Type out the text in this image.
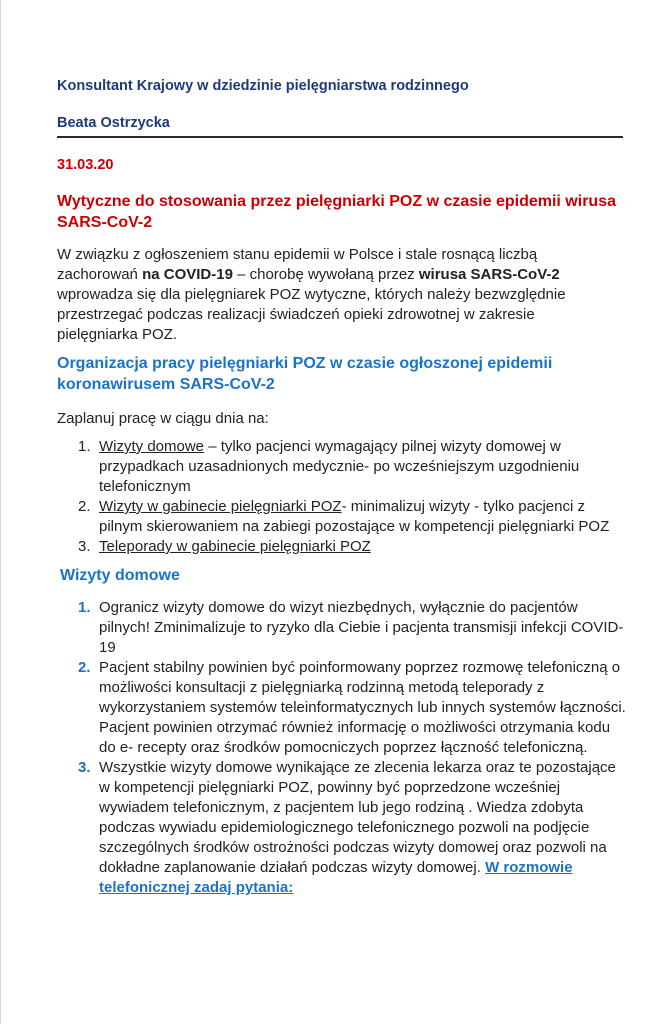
Konsultant Krajowy w dziedzinie pielęgniarstwa rodzinnego

Beata Ostrzycka

31.03.20
Wytyczne do stosowania przez pielęgniarki POZ w czasie epidemii wirusa SARS-CoV-2
W związku z ogłoszeniem stanu epidemii w Polsce i stale rosnącą liczbą zachorowań na COVID-19 – chorobę wywołaną przez wirusa SARS-CoV-2 wprowadza się dla pielęgniarek POZ wytyczne, których należy bezwzględnie przestrzegać podczas realizacji świadczeń opieki zdrowotnej w zakresie pielęgniarka POZ.
Organizacja pracy pielęgniarki POZ w czasie ogłoszonej epidemii koronawirusem SARS-CoV-2
Zaplanuj pracę w ciągu dnia na:
1. Wizyty domowe – tylko pacjenci wymagający pilnej wizyty domowej w przypadkach uzasadnionych medycznie- po wcześniejszym uzgodnieniu telefonicznym
2. Wizyty w gabinecie pielęgniarki POZ- minimalizuj wizyty - tylko pacjenci z pilnym skierowaniem na zabiegi pozostające w kompetencji pielęgniarki POZ
3. Teleporady w gabinecie pielęgniarki POZ
Wizyty domowe
1. Ogranicz wizyty domowe do wizyt niezbędnych, wyłącznie do pacjentów pilnych! Zminimalizuje to ryzyko dla Ciebie i pacjenta transmisji infekcji COVID-19
2. Pacjent stabilny powinien być poinformowany poprzez rozmowę telefoniczną o możliwości konsultacji z pielęgniarką rodzinną metodą teleporady z wykorzystaniem systemów teleinformatycznych lub innych systemów łączności. Pacjent powinien otrzymać również informację o możliwości otrzymania kodu do e- recepty oraz środków pomocniczych poprzez łączność telefoniczną.
3. Wszystkie wizyty domowe wynikające ze zlecenia lekarza oraz te pozostające w kompetencji pielęgniarki POZ, powinny być poprzedzone wcześniej wywiadem telefonicznym, z pacjentem lub jego rodziną . Wiedza zdobyta podczas wywiadu epidemiologicznego telefonicznego pozwoli na podjęcie szczególnych środków ostrożności podczas wizyty domowej oraz pozwoli na dokładne zaplanowanie działań podczas wizyty domowej. W rozmowie telefonicznej zadaj pytania:
